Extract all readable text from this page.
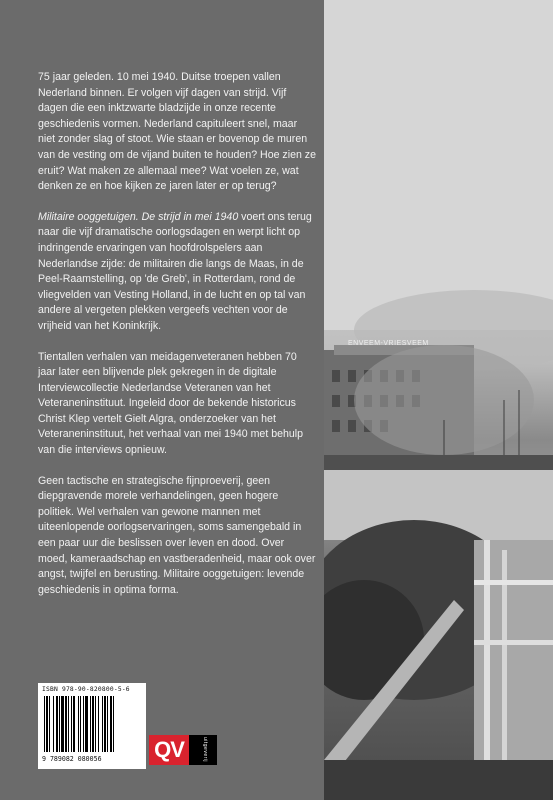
ENVEEM-VRIESVEEM

75 jaar geleden. 10 mei 1940. Duitse troepen vallen Nederland binnen. Er volgen vijf dagen van strijd. Vijf dagen die een inktzwarte bladzijde in onze recente geschiedenis vormen. Nederland capituleert snel, maar niet zonder slag of stoot. Wie staan er bovenop de muren van de vesting om de vijand buiten te houden? Hoe zien ze eruit? Wat maken ze allemaal mee? Wat voelen ze, wat denken ze en hoe kijken ze jaren later er op terug?

Militaire ooggetuigen. De strijd in mei 1940 voert ons terug naar die vijf dramatische oorlogsdagen en werpt licht op indringende ervaringen van hoofdrolspelers aan Nederlandse zijde: de militairen die langs de Maas, in de Peel-Raamstelling, op 'de Greb', in Rotterdam, rond de vliegvelden van Vesting Holland, in de lucht en op tal van andere al vergeten plekken vergeefs vechten voor de vrijheid van het Koninkrijk.

Tientallen verhalen van meidagenveteranen hebben 70 jaar later een blijvende plek gekregen in de digitale Interviewcollectie Nederlandse Veteranen van het Veteraneninstituut. Ingeleid door de bekende historicus Christ Klep vertelt Gielt Algra, onderzoeker van het Veteraneninstituut, het verhaal van mei 1940 met behulp van die interviews opnieuw.

Geen tactische en strategische fijnproeverij, geen diepgravende morele verhandelingen, geen hogere politiek. Wel verhalen van gewone mannen met uiteenlopende oorlogservaringen, soms samengebald in een paar uur die beslissen over leven en dood. Over moed, kameraadschap en vastberadenheid, maar ook over angst, twijfel en berusting. Militaire ooggetuigen: levende geschiedenis in optima forma.

ISBN 978-90-820800-5-6
9 789082 080056	QV	uitgeverij
